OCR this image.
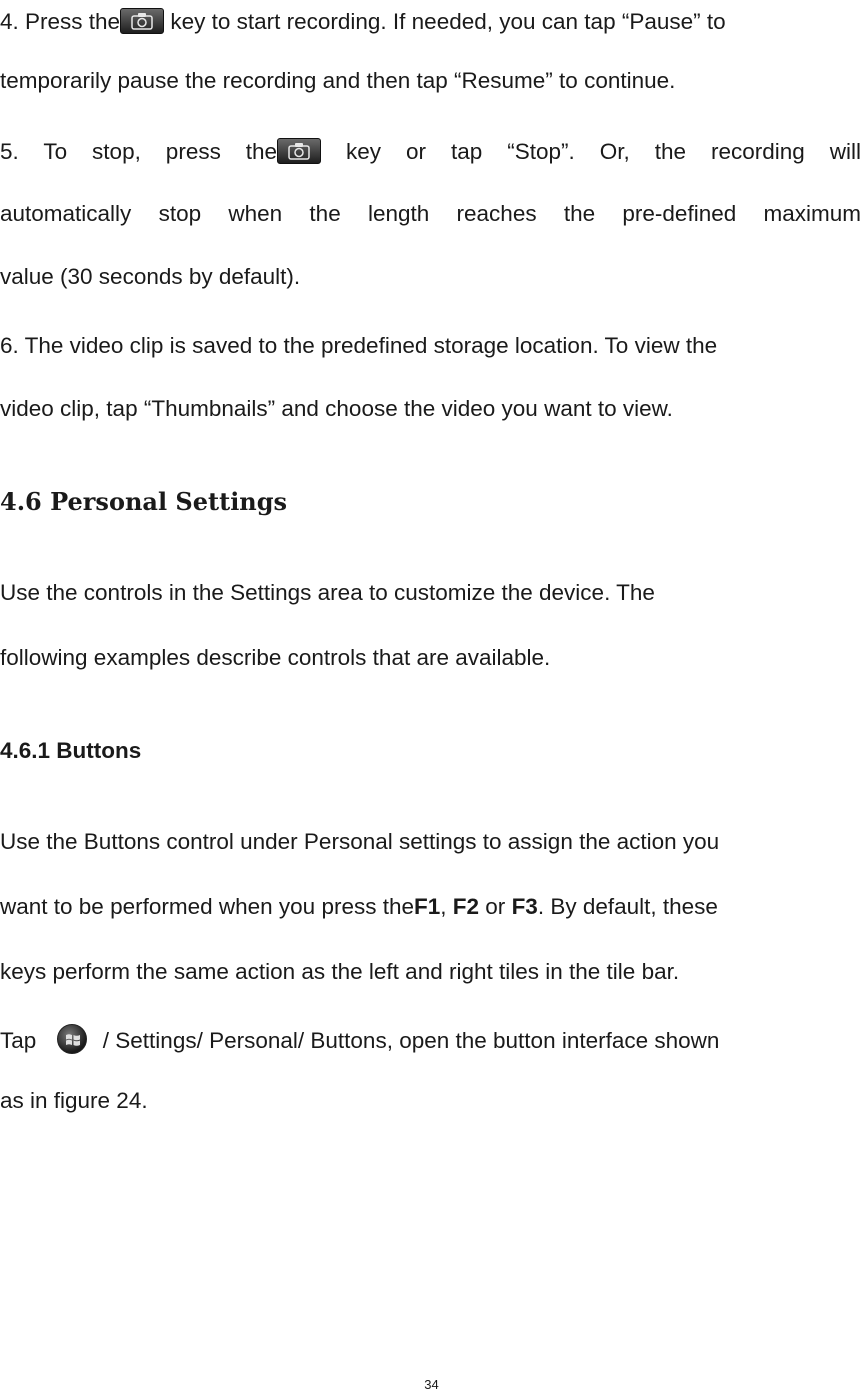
4. Press the
key to start recording. If needed, you can tap “Pause” to
temporarily pause the recording and then tap “Resume” to continue.
5. To stop, press the
key or tap “Stop”. Or, the recording will
automatically stop when the length reaches the pre-defined maximum
value (30 seconds by default).
6. The video clip is saved to the predefined storage location. To view the
video clip, tap “Thumbnails” and choose the video you want to view.
4.6 Personal Settings
Use the controls in the Settings area to customize the device. The
following examples describe controls that are available.
4.6.1 Buttons
Use the Buttons control under Personal settings to assign the action you
want to be performed when you press theF1, F2 or F3. By default, these
keys perform the same action as the left and right tiles in the tile bar.
Tap
/ Settings/ Personal/ Buttons, open the button interface shown
as in figure 24.
34
